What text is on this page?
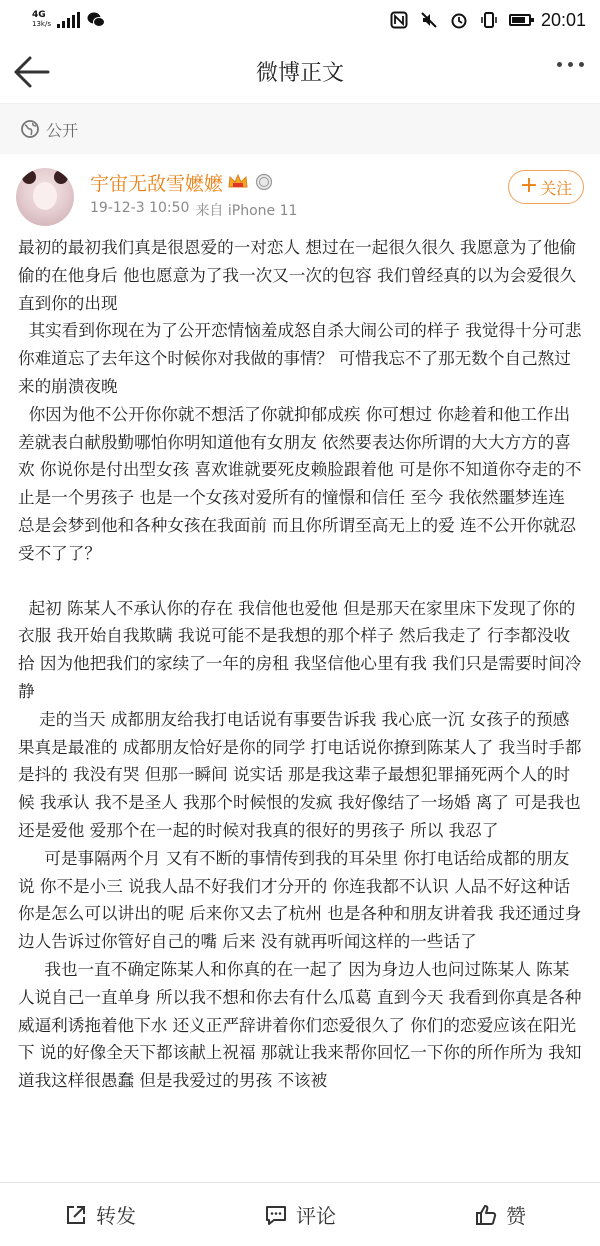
4G
13k/s	20:01
微博正文
公开
宇宙无敌雪嬷嬷
19-12-3 10:50 来自 iPhone 11
+ 关注

最初的最初我们真是很恩爱的一对恋人 想过在一起很久很久 我愿意为了他偷偷的在他身后 他也愿意为了我一次又一次的包容 我们曾经真的以为会爱很久 直到你的出现

其实看到你现在为了公开恋情恼羞成怒自杀大闹公司的样子 我觉得十分可悲 你难道忘了去年这个时候你对我做的事情？ 可惜我忘不了那无数个自己熬过来的崩溃夜晚

你因为他不公开你你就不想活了你就抑郁成疾 你可想过 你趁着和他工作出差就表白献殷勤哪怕你明知道他有女朋友 依然要表达你所谓的大大方方的喜欢 你说你是付出型女孩 喜欢谁就要死皮赖脸跟着他 可是你不知道你夺走的不止是一个男孩子 也是一个女孩对爱所有的憧憬和信任 至今 我依然噩梦连连 总是会梦到他和各种女孩在我面前 而且你所谓至高无上的爱 连不公开你就忍受不了了？

起初 陈某人不承认你的存在 我信他也爱他 但是那天在家里床下发现了你的衣服 我开始自我欺瞒 我说可能不是我想的那个样子 然后我走了 行李都没收拾 因为他把我们的家续了一年的房租 我坚信他心里有我 我们只是需要时间冷静

走的当天 成都朋友给我打电话说有事要告诉我 我心底一沉 女孩子的预感果真是最准的 成都朋友恰好是你的同学 打电话说你撩到陈某人了 我当时手都是抖的 我没有哭 但那一瞬间 说实话 那是我这辈子最想犯罪捅死两个人的时候 我承认 我不是圣人 我那个时候恨的发疯 我好像结了一场婚 离了 可是我也还是爱他 爱那个在一起的时候对我真的很好的男孩子 所以 我忍了

可是事隔两个月 又有不断的事情传到我的耳朵里 你打电话给成都的朋友说 你不是小三 说我人品不好我们才分开的 你连我都不认识 人品不好这种话你是怎么可以讲出的呢 后来你又去了杭州 也是各种和朋友讲着我 我还通过身边人告诉过你管好自己的嘴 后来 没有就再听闻这样的一些话了

我也一直不确定陈某人和你真的在一起了 因为身边人也问过陈某人 陈某人说自己一直单身 所以我不想和你去有什么瓜葛 直到今天 我看到你真是各种威逼利诱拖着他下水 还义正严辞讲着你们恋爱很久了 你们的恋爱应该在阳光下 说的好像全天下都该献上祝福 那就让我来帮你回忆一下你的所作所为 我知道我这样很愚蠢 但是我爱过的男孩 不该被

转发	评论	赞
